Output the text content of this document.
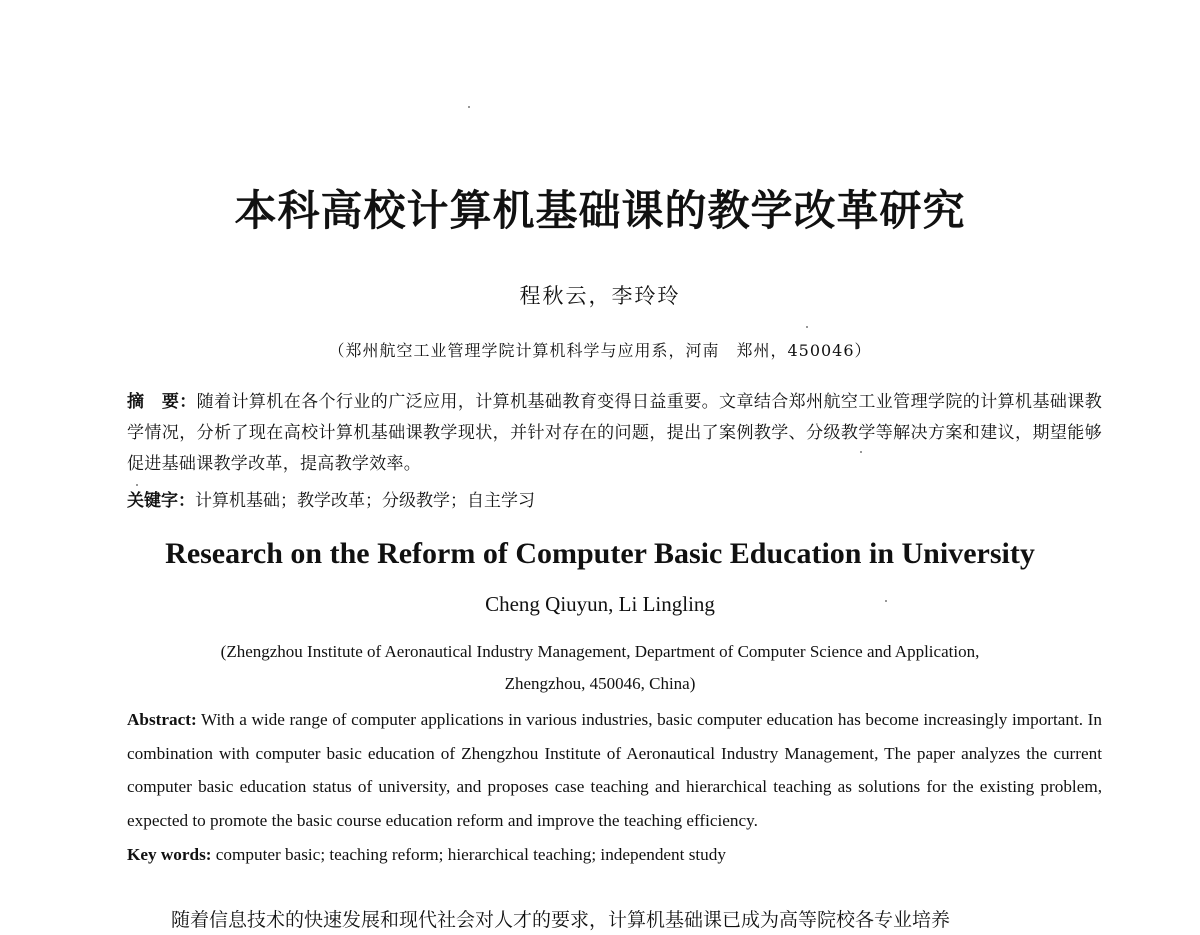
本科高校计算机基础课的教学改革研究
程秋云，李玲玲
（郑州航空工业管理学院计算机科学与应用系，河南　郑州，450046）
摘　要：随着计算机在各个行业的广泛应用，计算机基础教育变得日益重要。文章结合郑州航空工业管理学院的计算机基础课教学情况，分析了现在高校计算机基础课教学现状，并针对存在的问题，提出了案例教学、分级教学等解决方案和建议，期望能够促进基础课教学改革，提高教学效率。
关键字：计算机基础；教学改革；分级教学；自主学习
Research on the Reform of Computer Basic Education in University
Cheng Qiuyun, Li Lingling
(Zhengzhou Institute of Aeronautical Industry Management, Department of Computer Science and Application,
Zhengzhou, 450046, China)
Abstract: With a wide range of computer applications in various industries, basic computer education has become increasingly important. In combination with computer basic education of Zhengzhou Institute of Aeronautical Industry Management, The paper analyzes the current computer basic education status of university, and proposes case teaching and hierarchical teaching as solutions for the existing problem, expected to promote the basic course education reform and improve the teaching efficiency.
Key words: computer basic; teaching reform; hierarchical teaching; independent study
随着信息技术的快速发展和现代社会对人才的要求，计算机基础课已成为高等院校各专业培养
